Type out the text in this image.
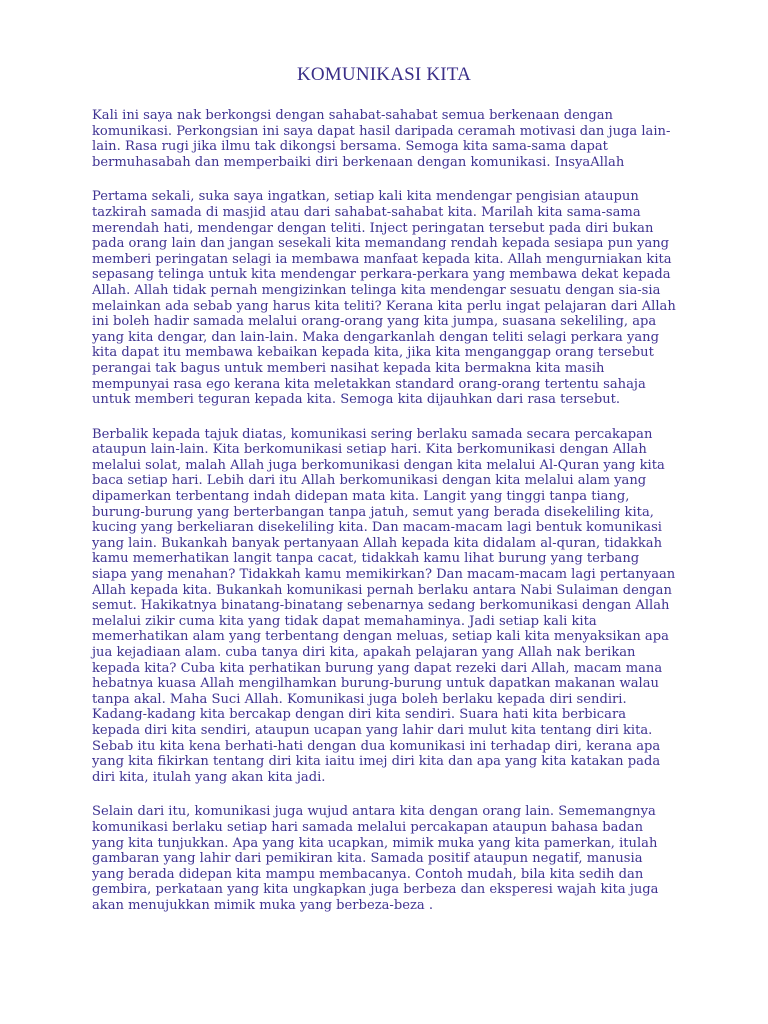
KOMUNIKASI KITA

Kali ini saya nak berkongsi dengan sahabat-sahabat semua berkenaan dengan komunikasi. Perkongsian ini saya dapat hasil daripada ceramah motivasi dan juga lain-lain. Rasa rugi jika ilmu tak dikongsi bersama. Semoga kita sama-sama dapat bermuhasabah dan memperbaiki diri berkenaan dengan komunikasi. InsyaAllah

Pertama sekali, suka saya ingatkan, setiap kali kita mendengar pengisian ataupun tazkirah samada di masjid atau dari sahabat-sahabat kita. Marilah kita sama-sama merendah hati, mendengar dengan teliti. Inject peringatan tersebut pada diri bukan pada orang lain dan jangan sesekali kita memandang rendah kepada sesiapa pun yang memberi peringatan selagi ia membawa manfaat kepada kita. Allah mengurniakan kita sepasang telinga untuk kita mendengar perkara-perkara yang membawa dekat kepada Allah. Allah tidak pernah mengizinkan telinga kita mendengar sesuatu dengan sia-sia melainkan ada sebab yang harus kita teliti? Kerana kita perlu ingat pelajaran dari Allah ini boleh hadir samada melalui orang-orang yang kita jumpa, suasana sekeliling, apa yang kita dengar, dan lain-lain. Maka dengarkanlah dengan teliti selagi perkara yang kita dapat itu membawa kebaikan kepada kita, jika kita menganggap orang tersebut perangai tak bagus untuk memberi nasihat kepada kita bermakna kita masih mempunyai rasa ego kerana kita meletakkan standard orang-orang tertentu sahaja untuk memberi teguran kepada kita. Semoga kita dijauhkan dari rasa tersebut.

Berbalik kepada tajuk diatas, komunikasi sering berlaku samada secara percakapan ataupun lain-lain. Kita berkomunikasi setiap hari. Kita berkomunikasi dengan Allah melalui solat, malah Allah juga berkomunikasi dengan kita melalui Al-Quran yang kita baca setiap hari. Lebih dari itu Allah berkomunikasi dengan kita melalui alam yang dipamerkan terbentang indah didepan mata kita. Langit yang tinggi tanpa tiang, burung-burung yang berterbangan tanpa jatuh, semut yang berada disekeliling kita, kucing yang berkeliaran disekeliling kita. Dan macam-macam lagi bentuk komunikasi yang lain. Bukankah banyak pertanyaan Allah kepada kita didalam al-quran, tidakkah kamu memerhatikan langit tanpa cacat, tidakkah kamu lihat burung yang terbang siapa yang menahan? Tidakkah kamu memikirkan? Dan macam-macam lagi pertanyaan Allah kepada kita. Bukankah komunikasi pernah berlaku antara Nabi Sulaiman dengan semut. Hakikatnya binatang-binatang sebenarnya sedang berkomunikasi dengan Allah melalui zikir cuma kita yang tidak dapat memahaminya. Jadi setiap kali kita memerhatikan alam yang terbentang dengan meluas, setiap kali kita menyaksikan apa jua kejadiaan alam. cuba tanya diri kita, apakah pelajaran yang Allah nak berikan kepada kita? Cuba kita perhatikan burung yang dapat rezeki dari Allah, macam mana hebatnya kuasa Allah mengilhamkan burung-burung untuk dapatkan makanan walau tanpa akal. Maha Suci Allah. Komunikasi juga boleh berlaku kepada diri sendiri. Kadang-kadang kita bercakap dengan diri kita sendiri. Suara hati kita berbicara kepada diri kita sendiri, ataupun ucapan yang lahir dari mulut kita tentang diri kita. Sebab itu kita kena berhati-hati dengan dua komunikasi ini terhadap diri, kerana apa yang kita fikirkan tentang diri kita iaitu imej diri kita dan apa yang kita katakan pada diri kita, itulah yang akan kita jadi.

Selain dari itu, komunikasi juga wujud antara kita dengan orang lain. Sememangnya komunikasi berlaku setiap hari samada melalui percakapan ataupun bahasa badan yang kita tunjukkan. Apa yang kita ucapkan, mimik muka yang kita pamerkan, itulah gambaran yang lahir dari pemikiran kita. Samada positif ataupun negatif, manusia yang berada didepan kita mampu membacanya. Contoh mudah, bila kita sedih dan gembira, perkataan yang kita ungkapkan juga berbeza dan eksperesi wajah kita juga akan menujukkan mimik muka yang berbeza-beza .
